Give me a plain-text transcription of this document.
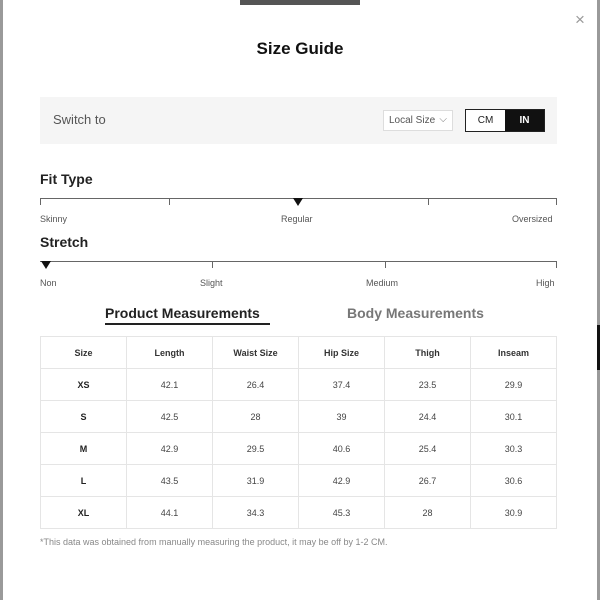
×
Size Guide
Switch to	Local Size ⌵	CM	IN
Fit Type
Skinny	Regular	Oversized
Stretch
Non	Slight	Medium	High
Product Measurements	Body Measurements
Size	Length	Waist Size	Hip Size	Thigh	Inseam
XS	42.1	26.4	37.4	23.5	29.9
S	42.5	28	39	24.4	30.1
M	42.9	29.5	40.6	25.4	30.3
L	43.5	31.9	42.9	26.7	30.6
XL	44.1	34.3	45.3	28	30.9
*This data was obtained from manually measuring the product, it may be off by 1-2 CM.
